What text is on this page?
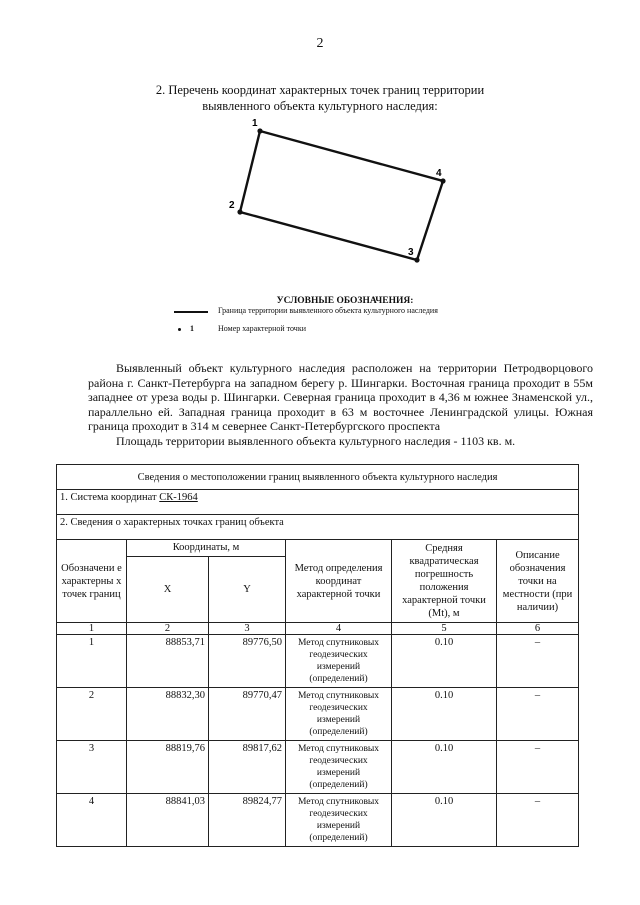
2
2. Перечень координат характерных точек границ территории
выявленного объекта культурного наследия:
1
2
3
4
УСЛОВНЫЕ ОБОЗНАЧЕНИЯ:
Граница территории выявленного объекта культурного наследия
1	Номер характерной точки
Выявленный объект культурного наследия расположен на территории Петродворцового района г. Санкт-Петербурга на западном берегу р. Шингарки. Восточная граница проходит в 55м западнее от уреза воды р. Шингарки. Северная граница проходит в 4,36 м южнее Знаменской ул., параллельно ей. Западная граница проходит в 63 м восточнее Ленинградской улицы. Южная граница проходит в 314 м севернее Санкт-Петербургского проспекта
Площадь территории выявленного объекта культурного наследия - 1103 кв. м.
Сведения о местоположении границ выявленного объекта культурного наследия					
1. Система координат СК-1964					
2. Сведения о характерных точках границ объекта					
Обозначени е характерны х точек границ	Координаты, м		Метод определения координат характерной точки	Средняя квадратическая погрешность положения характерной точки (Mt), м	Описание обозначения точки на местности (при наличии)
	X	Y			
1	2	3	4	5	6
1	88853,71	89776,50	Метод спутниковых геодезических измерений (определений)	0.10	–
2	88832,30	89770,47	Метод спутниковых геодезических измерений (определений)	0.10	–
3	88819,76	89817,62	Метод спутниковых геодезических измерений (определений)	0.10	–
4	88841,03	89824,77	Метод спутниковых геодезических измерений (определений)	0.10	–
